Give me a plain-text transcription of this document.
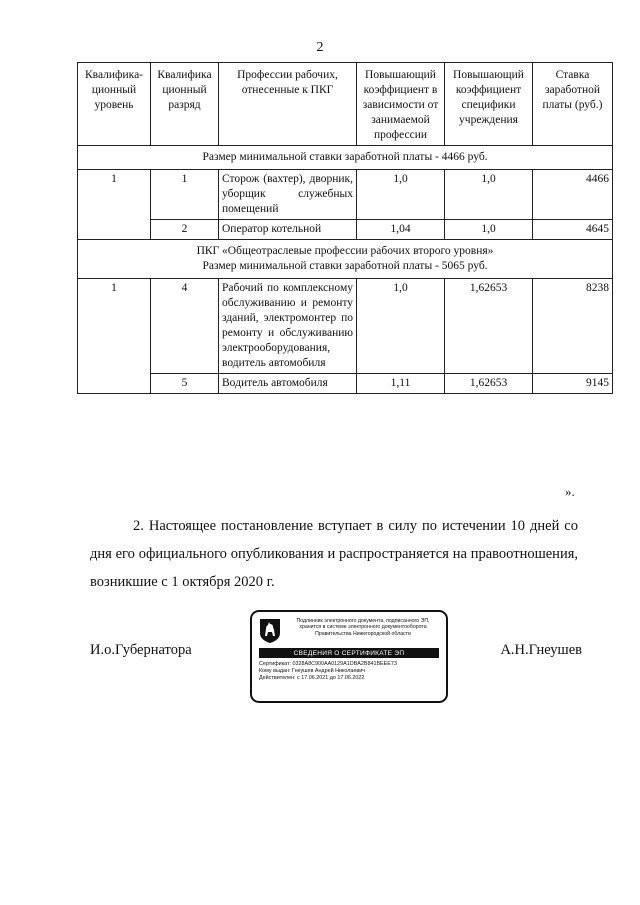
2
Квалифика-ционный уровень	Квалифика ционный разряд	Профессии рабочих, отнесенные к ПКГ	Повышающий коэффициент в зависимости от занимаемой профессии	Повышающий коэффициент специфики учреждения	Ставка заработной платы (руб.)
Размер минимальной ставки заработной платы - 4466 руб.					
1	1	Сторож (вахтер), дворник, уборщик служебных помещений	1,0	1,0	4466
	2	Оператор котельной	1,04	1,0	4645

ПКГ «Общеотраслевые профессии рабочих второго уровня»
Размер минимальной ставки заработной платы - 5065 руб.					

1	4	Рабочий по комплексному обслуживанию и ремонту зданий, электромонтер по ремонту и обслуживанию электрооборудования, водитель автомобиля	1,0	1,62653	8238
	5	Водитель автомобиля	1,11	1,62653	9145
».
2. Настоящее постановление вступает в силу по истечении 10 дней со дня его официального опубликования и распространяется на правоотношения, возникшие с 1 октября 2020 г.
И.о.Губернатора
Подлинник электронного документа, подписанного ЭП, хранится в системе электронного документооборота Правительства Нижегородской области
СВЕДЕНИЯ О СЕРТИФИКАТЕ ЭП
Сертификат: 0328A8C900AA0129A1DBA2B841BEEE73
Кому выдан: Гнеушев Андрей Николаевич
Действителен: с 17.06.2021 до 17.06.2022
А.Н.Гнеушев
